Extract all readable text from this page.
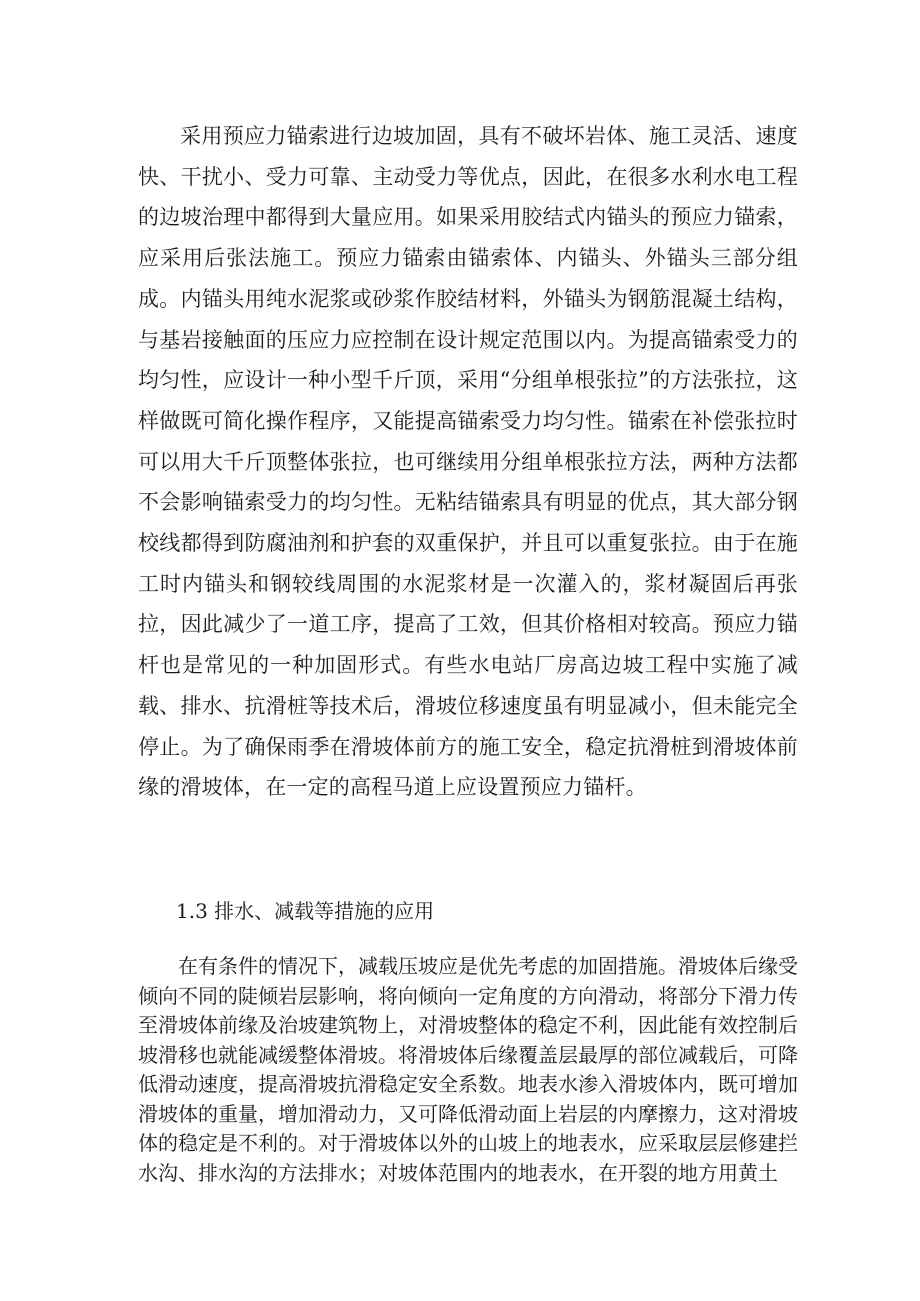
采用预应力锚索进行边坡加固，具有不破坏岩体、施工灵活、速度快、干扰小、受力可靠、主动受力等优点，因此，在很多水利水电工程的边坡治理中都得到大量应用。如果采用胶结式内锚头的预应力锚索，应采用后张法施工。预应力锚索由锚索体、内锚头、外锚头三部分组成。内锚头用纯水泥浆或砂浆作胶结材料，外锚头为钢筋混凝土结构，与基岩接触面的压应力应控制在设计规定范围以内。为提高锚索受力的均匀性，应设计一种小型千斤顶，采用“分组单根张拉”的方法张拉，这样做既可简化操作程序，又能提高锚索受力均匀性。锚索在补偿张拉时可以用大千斤顶整体张拉，也可继续用分组单根张拉方法，两种方法都不会影响锚索受力的均匀性。无粘结锚索具有明显的优点，其大部分钢校线都得到防腐油剂和护套的双重保护，并且可以重复张拉。由于在施工时内锚头和钢较线周围的水泥浆材是一次灌入的，浆材凝固后再张拉，因此减少了一道工序，提高了工效，但其价格相对较高。预应力锚杆也是常见的一种加固形式。有些水电站厂房高边坡工程中实施了减载、排水、抗滑桩等技术后，滑坡位移速度虽有明显减小，但未能完全停止。为了确保雨季在滑坡体前方的施工安全，稳定抗滑桩到滑坡体前缘的滑坡体，在一定的高程马道上应设置预应力锚杆。

1.3 排水、减载等措施的应用

在有条件的情况下，减载压坡应是优先考虑的加固措施。滑坡体后缘受倾向不同的陡倾岩层影响，将向倾向一定角度的方向滑动，将部分下滑力传至滑坡体前缘及治坡建筑物上，对滑坡整体的稳定不利，因此能有效控制后坡滑移也就能减缓整体滑坡。将滑坡体后缘覆盖层最厚的部位减载后，可降低滑动速度，提高滑坡抗滑稳定安全系数。地表水渗入滑坡体内，既可增加滑坡体的重量，增加滑动力，又可降低滑动面上岩层的内摩擦力，这对滑坡体的稳定是不利的。对于滑坡体以外的山坡上的地表水，应采取层层修建拦水沟、排水沟的方法排水；对坡体范围内的地表水，在开裂的地方用黄土
